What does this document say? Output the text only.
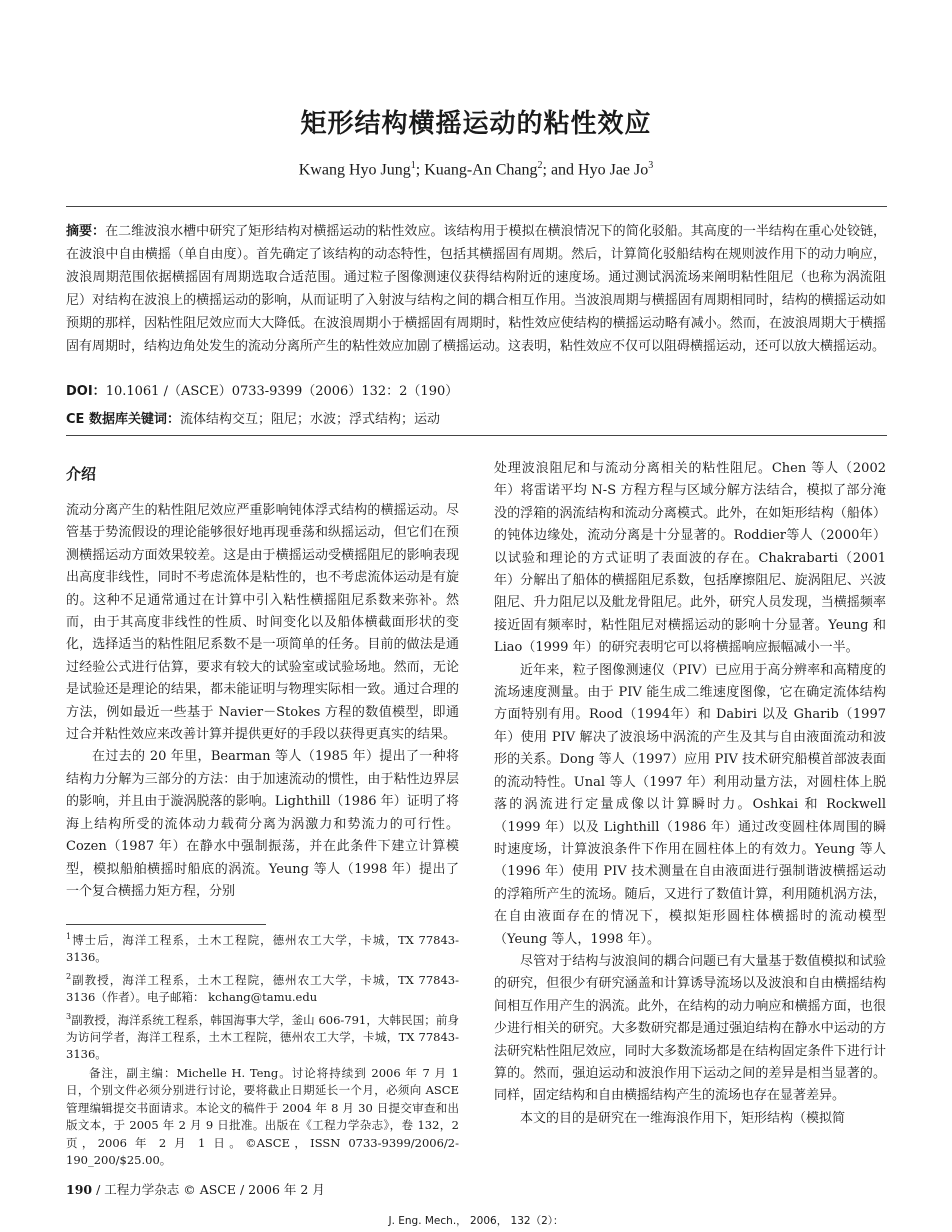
矩形结构横摇运动的粘性效应
Kwang Hyo Jung$^1$; Kuang-An Chang$^2$; and Hyo Jae Jo$^3$
摘要：在二维波浪水槽中研究了矩形结构对横摇运动的粘性效应。该结构用于模拟在横浪情况下的简化驳船。其高度的一半结构在重心处铰链，在波浪中自由横摇（单自由度）。首先确定了该结构的动态特性，包括其横摇固有周期。然后，计算简化驳船结构在规则波作用下的动力响应，波浪周期范围依据横摇固有周期选取合适范围。通过粒子图像测速仪获得结构附近的速度场。通过测试涡流场来阐明粘性阻尼（也称为涡流阻尼）对结构在波浪上的横摇运动的影响，从而证明了入射波与结构之间的耦合相互作用。当波浪周期与横摇固有周期相同时，结构的横摇运动如预期的那样，因粘性阻尼效应而大大降低。在波浪周期小于横摇固有周期时，粘性效应使结构的横摇运动略有减小。然而，在波浪周期大于横摇固有周期时，结构边角处发生的流动分离所产生的粘性效应加剧了横摇运动。这表明，粘性效应不仅可以阻碍横摇运动，还可以放大横摇运动。
DOI：10.1061 /（ASCE）0733-9399（2006）132：2（190）
CE 数据库关键词：流体结构交互；阻尼；水波；浮式结构；运动
介绍

流动分离产生的粘性阻尼效应严重影响钝体浮式结构的横摇运动。尽管基于势流假设的理论能够很好地再现垂荡和纵摇运动，但它们在预测横摇运动方面效果较差。这是由于横摇运动受横摇阻尼的影响表现出高度非线性，同时不考虑流体是粘性的，也不考虑流体运动是有旋的。这种不足通常通过在计算中引入粘性横摇阻尼系数来弥补。然而，由于其高度非线性的性质、时间变化以及船体横截面形状的变化，选择适当的粘性阻尼系数不是一项简单的任务。目前的做法是通过经验公式进行估算，要求有较大的试验室或试验场地。然而，无论是试验还是理论的结果，都未能证明与物理实际相一致。通过合理的方法，例如最近一些基于 Navier－Stokes 方程的数值模型，即通过合并粘性效应来改善计算并提供更好的手段以获得更真实的结果。

在过去的 20 年里，Bearman 等人（1985 年）提出了一种将结构力分解为三部分的方法：由于加速流动的惯性，由于粘性边界层的影响，并且由于漩涡脱落的影响。Lighthill（1986 年）证明了将海上结构所受的流体动力载荷分离为涡激力和势流力的可行性。Cozen（1987 年）在静水中强制振荡，并在此条件下建立计算模型，模拟船舶横摇时船底的涡流。Yeung 等人（1998 年）提出了一个复合横摇力矩方程，分别

$^1$博士后，海洋工程系，土木工程院，德州农工大学，卡城，TX 77843-3136。

$^2$副教授，海洋工程系，土木工程院，德州农工大学，卡城，TX 77843-3136（作者）。电子邮箱： kchang@tamu.edu

$^3$副教授，海洋系统工程系，韩国海事大学，釜山 606-791，大韩民国；前身为访问学者，海洋工程系，土木工程院，德州农工大学，卡城，TX 77843-3136。

备注，副主编：Michelle H. Teng。讨论将持续到 2006 年 7 月 1 日，个别文件必须分别进行讨论，要将截止日期延长一个月，必须向 ASCE 管理编辑提交书面请求。本论文的稿件于 2004 年 8 月 30 日提交审查和出版文本，于 2005 年 2 月 9 日批准。出版在《工程力学杂志》，卷 132，2 页，2006 年 2 月 1 日。©ASCE，ISSN 0733-9399/2006/2-190_200/$25.00。

处理波浪阻尼和与流动分离相关的粘性阻尼。Chen 等人（2002 年）将雷诺平均 N-S 方程方程与区域分解方法结合，模拟了部分淹没的浮箱的涡流结构和流动分离模式。此外，在如矩形结构（船体）的钝体边缘处，流动分离是十分显著的。Roddier等人（2000年）以试验和理论的方式证明了表面波的存在。Chakrabarti（2001 年）分解出了船体的横摇阻尼系数，包括摩擦阻尼、旋涡阻尼、兴波阻尼、升力阻尼以及舭龙骨阻尼。此外，研究人员发现，当横摇频率接近固有频率时，粘性阻尼对横摇运动的影响十分显著。Yeung 和 Liao（1999 年）的研究表明它可以将横摇响应振幅减小一半。

近年来，粒子图像测速仪（PIV）已应用于高分辨率和高精度的流场速度测量。由于 PIV 能生成二维速度图像，它在确定流体结构方面特别有用。Rood（1994年）和 Dabiri 以及 Gharib（1997年）使用 PIV 解决了波浪场中涡流的产生及其与自由液面流动和波形的关系。Dong 等人（1997）应用 PIV 技术研究船模首部波表面的流动特性。Unal 等人（1997 年）利用动量方法，对圆柱体上脱落的涡流进行定量成像以计算瞬时力。Oshkai 和 Rockwell（1999 年）以及 Lighthill（1986 年）通过改变圆柱体周围的瞬时速度场，计算波浪条件下作用在圆柱体上的有效力。Yeung 等人（1996 年）使用 PIV 技术测量在自由液面进行强制谐波横摇运动的浮箱所产生的流场。随后，又进行了数值计算，利用随机涡方法，在自由液面存在的情况下，模拟矩形圆柱体横摇时的流动模型（Yeung 等人，1998 年）。

尽管对于结构与波浪间的耦合问题已有大量基于数值模拟和试验的研究，但很少有研究涵盖和计算诱导流场以及波浪和自由横摇结构间相互作用产生的涡流。此外，在结构的动力响应和横摇方面，也很少进行相关的研究。大多数研究都是通过强迫结构在静水中运动的方法研究粘性阻尼效应，同时大多数流场都是在结构固定条件下进行计算的。然而，强迫运动和波浪作用下运动之间的差异是相当显著的。同样，固定结构和自由横摇结构产生的流场也存在显著差异。

本文的目的是研究在一维海浪作用下，矩形结构（模拟简

190 / 工程力学杂志 © ASCE / 2006 年 2 月
J. Eng. Mech.， 2006， 132（2）：
